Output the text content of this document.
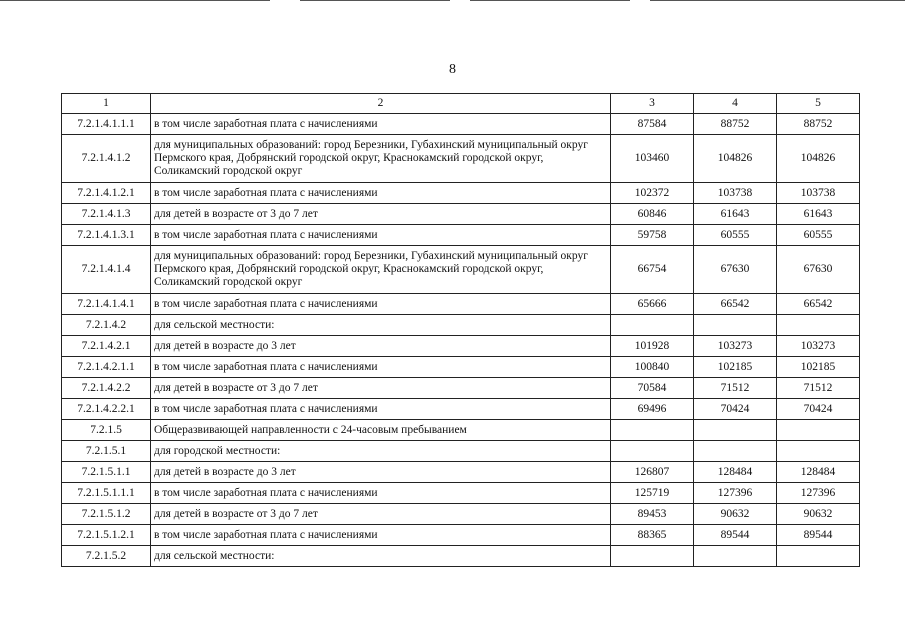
8
1	2	3	4	5
7.2.1.4.1.1.1	в том числе заработная плата с начислениями	87584	88752	88752
7.2.1.4.1.2	для муниципальных образований: город Березники, Губахинский муниципальный округ Пермского края, Добрянский городской округ, Краснокамский городской округ, Соликамский городской округ	103460	104826	104826
7.2.1.4.1.2.1	в том числе заработная плата с начислениями	102372	103738	103738
7.2.1.4.1.3	для детей в возрасте от 3 до 7 лет	60846	61643	61643
7.2.1.4.1.3.1	в том числе заработная плата с начислениями	59758	60555	60555
7.2.1.4.1.4	для муниципальных образований: город Березники, Губахинский муниципальный округ Пермского края, Добрянский городской округ, Краснокамский городской округ, Соликамский городской округ	66754	67630	67630
7.2.1.4.1.4.1	в том числе заработная плата с начислениями	65666	66542	66542
7.2.1.4.2	для сельской местности:			
7.2.1.4.2.1	для детей в возрасте до 3 лет	101928	103273	103273
7.2.1.4.2.1.1	в том числе заработная плата с начислениями	100840	102185	102185
7.2.1.4.2.2	для детей в возрасте от 3 до 7 лет	70584	71512	71512
7.2.1.4.2.2.1	в том числе заработная плата с начислениями	69496	70424	70424
7.2.1.5	Общеразвивающей направленности с 24-часовым пребыванием			
7.2.1.5.1	для городской местности:			
7.2.1.5.1.1	для детей в возрасте до 3 лет	126807	128484	128484
7.2.1.5.1.1.1	в том числе заработная плата с начислениями	125719	127396	127396
7.2.1.5.1.2	для детей в возрасте от 3 до 7 лет	89453	90632	90632
7.2.1.5.1.2.1	в том числе заработная плата с начислениями	88365	89544	89544
7.2.1.5.2	для сельской местности:			
